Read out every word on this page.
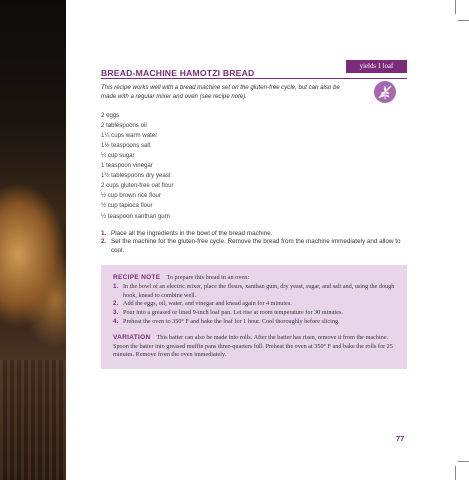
BREAD-MACHINE HAMOTZI BREAD
yields 1 loaf

This recipe works well with a bread machine set on the gluten-free cycle, but can also be made with a regular mixer and oven (see recipe note).

2 eggs
2 tablespoons oil
1¼ cups warm water
1½ teaspoons salt
¼ cup sugar
1 teaspoon vinegar
1½ tablespoons dry yeast
2 cups gluten-free oat flour
½ cup brown rice flour
½ cup tapioca flour
½ teaspoon xanthan gum
1. Place all the ingredients in the bowl of the bread machine.
2. Set the machine for the gluten-free cycle. Remove the bread from the machine immediately and allow to cool.

RECIPE NOTE To prepare this bread in an oven:

1. In the bowl of an electric mixer, place the flours, xanthan gum, dry yeast, sugar, and salt and, using the dough hook, knead to combine well.
2. Add the eggs, oil, water, and vinegar and knead again for 4 minutes.
3. Pour into a greased or lined 9-inch loaf pan. Let rise at room temperature for 30 minutes.
4. Preheat the oven to 350° F and bake the loaf for 1 hour. Cool thoroughly before slicing.

VARIATION This batter can also be made into rolls. After the batter has risen, remove it from the machine. Spoon the batter into greased muffin pans three-quarters full. Preheat the oven at 350° F and bake the rolls for 25 minutes. Remove from the oven immediately.

77
